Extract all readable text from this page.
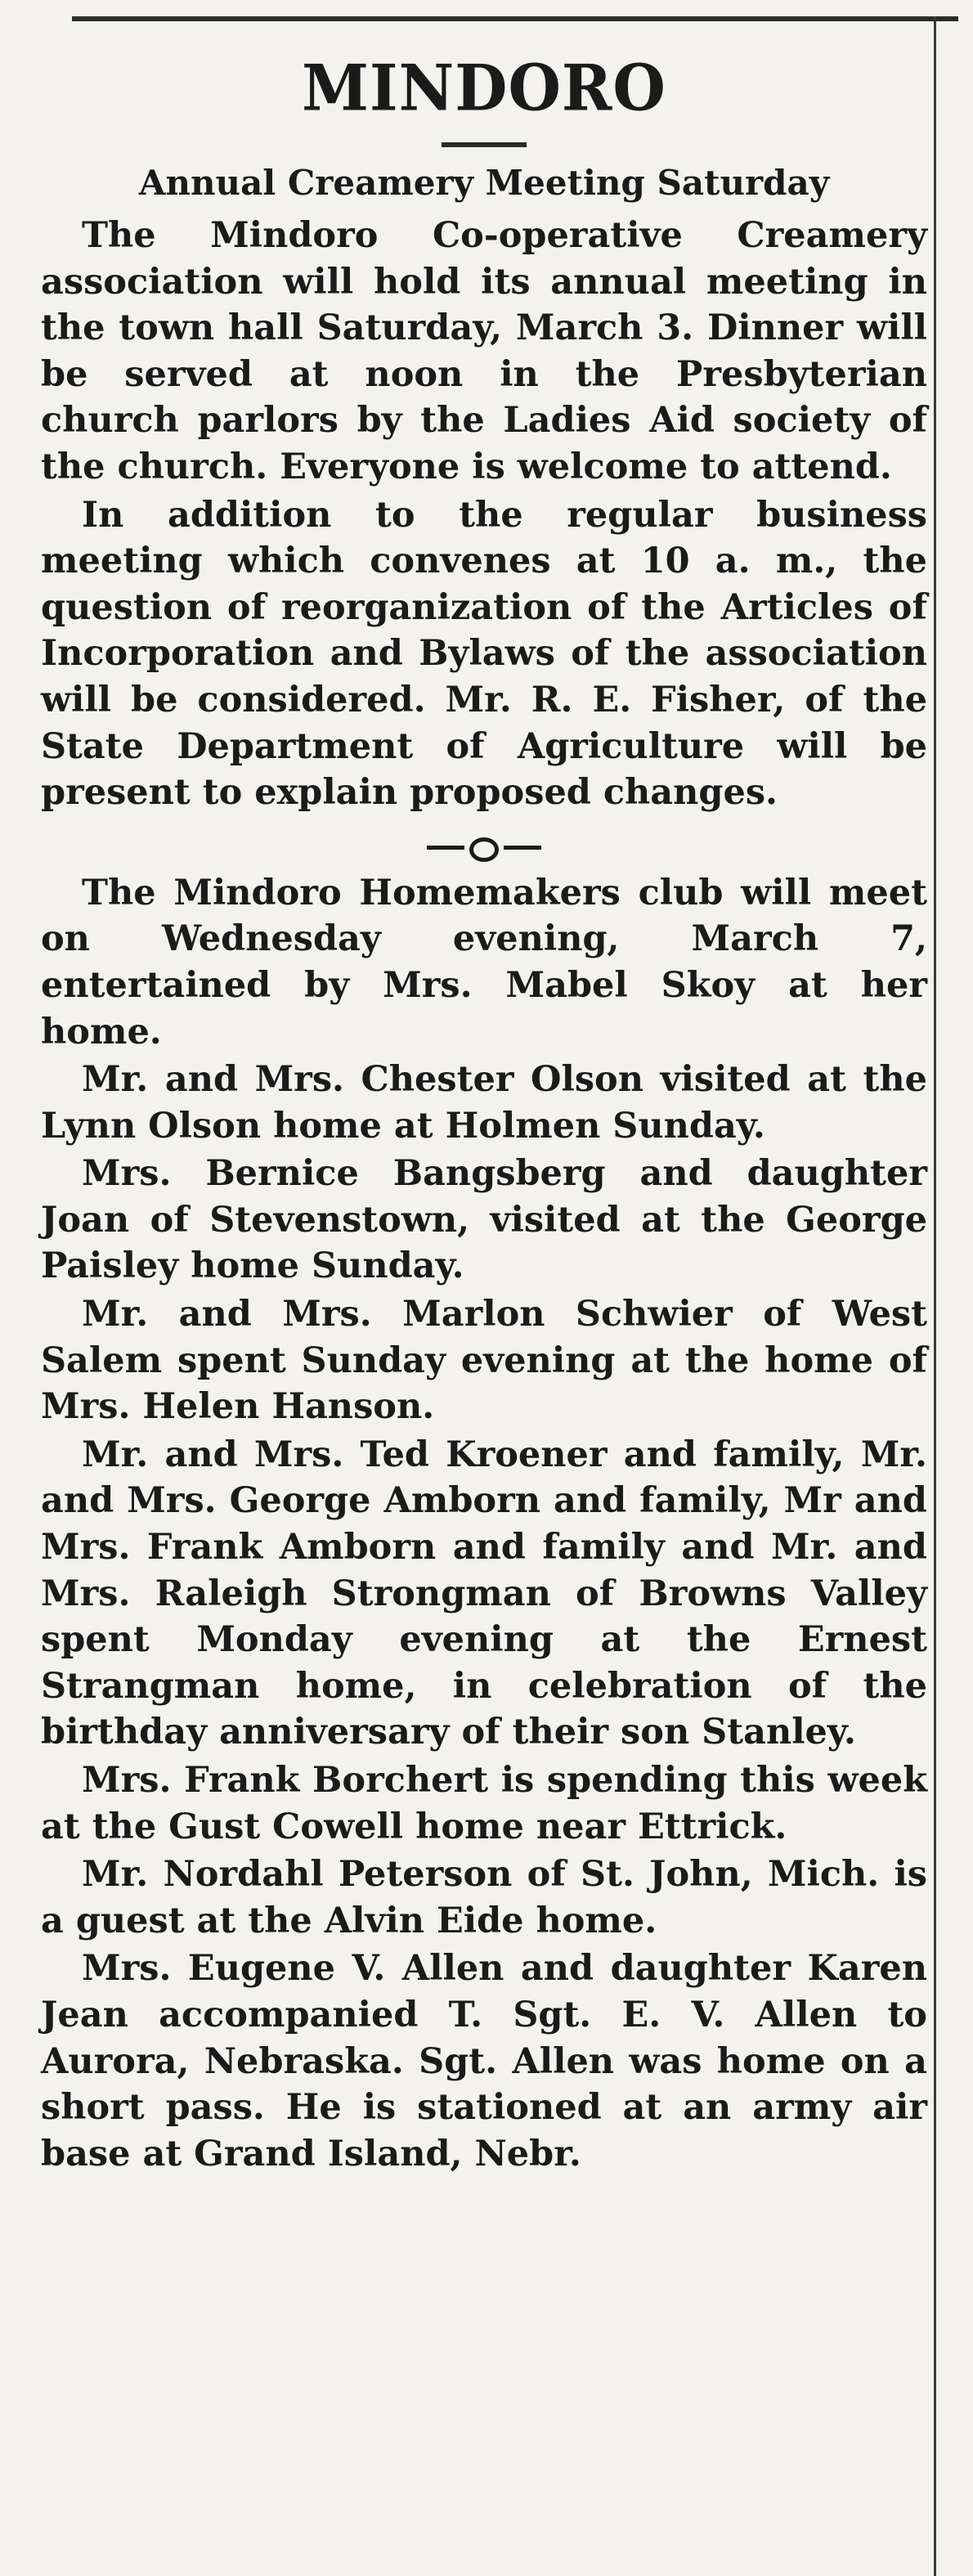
MINDORO
Annual Creamery Meeting Saturday

The Mindoro Co-operative Creamery association will hold its annual meeting in the town hall Saturday, March 3. Dinner will be served at noon in the Presbyterian church parlors by the Ladies Aid society of the church. Everyone is welcome to attend.

In addition to the regular business meeting which convenes at 10 a. m., the question of reorganization of the Articles of Incorporation and Bylaws of the association will be considered. Mr. R. E. Fisher, of the State Department of Agriculture will be present to explain proposed changes.

The Mindoro Homemakers club will meet on Wednesday evening, March 7, entertained by Mrs. Mabel Skoy at her home.

Mr. and Mrs. Chester Olson visited at the Lynn Olson home at Holmen Sunday.

Mrs. Bernice Bangsberg and daughter Joan of Stevenstown, visited at the George Paisley home Sunday.

Mr. and Mrs. Marlon Schwier of West Salem spent Sunday evening at the home of Mrs. Helen Hanson.

Mr. and Mrs. Ted Kroener and family, Mr. and Mrs. George Amborn and family, Mr and Mrs. Frank Amborn and family and Mr. and Mrs. Raleigh Strongman of Browns Valley spent Monday evening at the Ernest Strangman home, in celebration of the birthday anniversary of their son Stanley.

Mrs. Frank Borchert is spending this week at the Gust Cowell home near Ettrick.

Mr. Nordahl Peterson of St. John, Mich. is a guest at the Alvin Eide home.

Mrs. Eugene V. Allen and daughter Karen Jean accompanied T. Sgt. E. V. Allen to Aurora, Nebraska. Sgt. Allen was home on a short pass. He is stationed at an army air base at Grand Island, Nebr.
